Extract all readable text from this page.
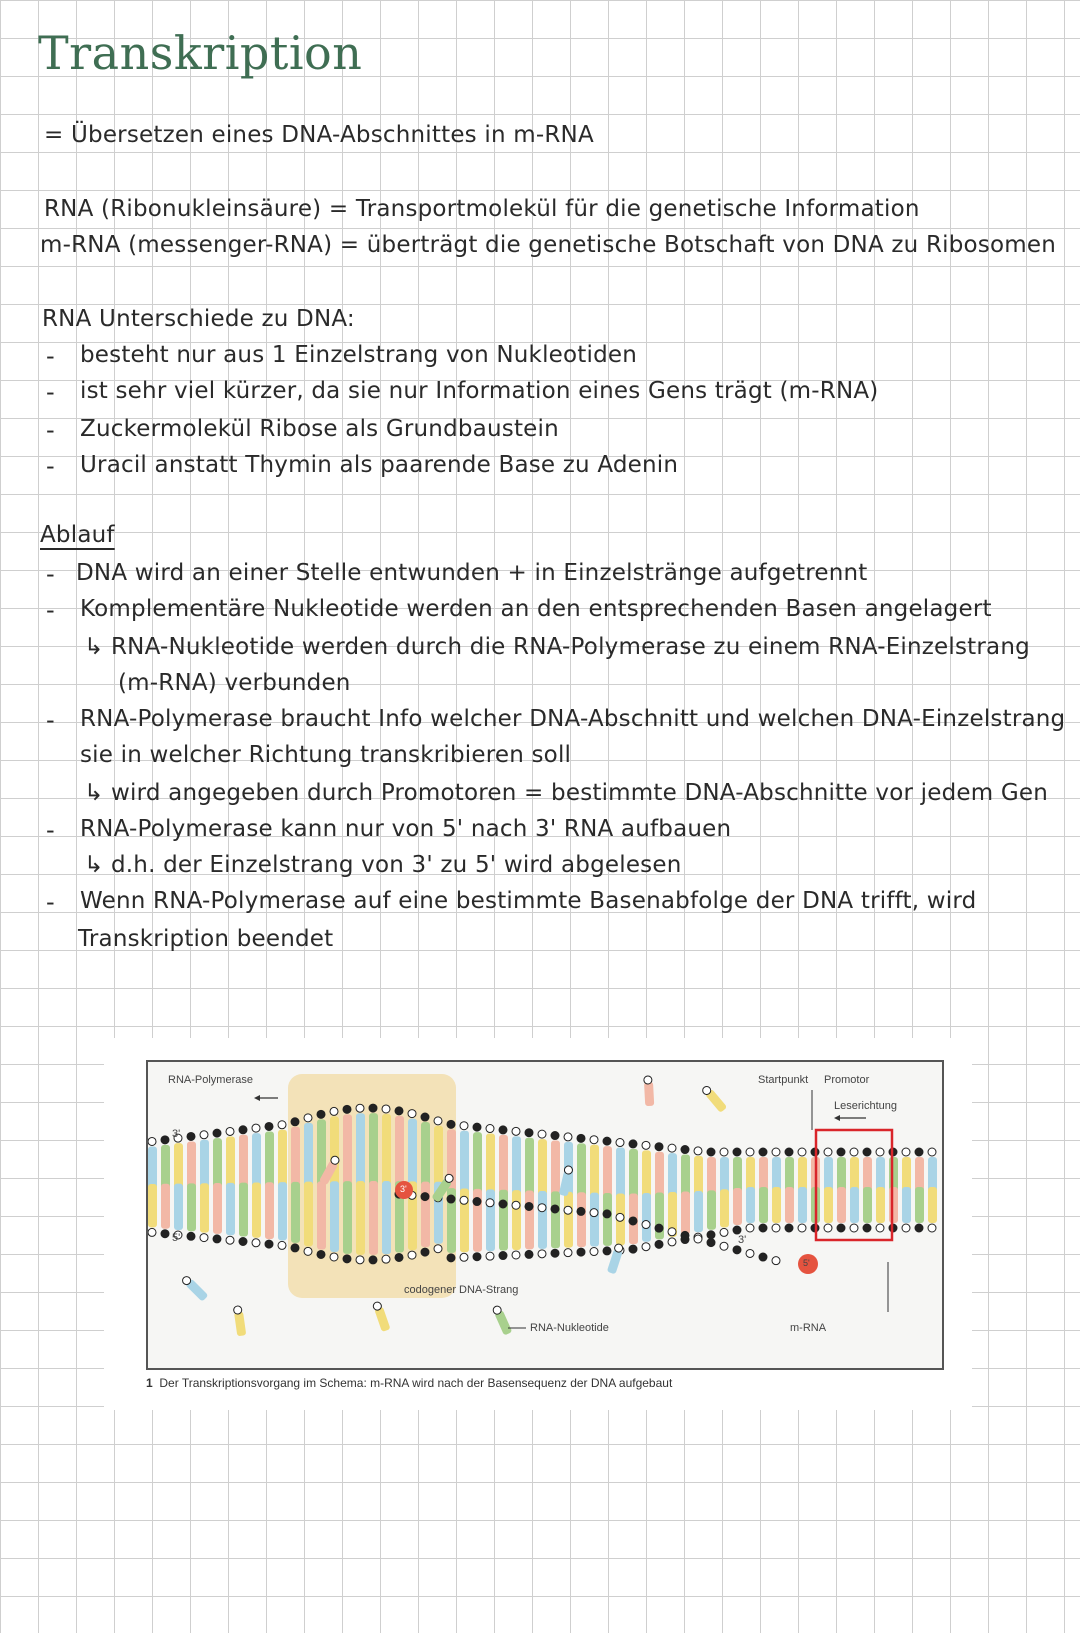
Transkription
= Übersetzen eines DNA-Abschnittes in m-RNA
RNA (Ribonukleinsäure) = Transportmolekül für die genetische Information
m-RNA (messenger-RNA) = überträgt die genetische Botschaft von DNA zu Ribosomen
RNA Unterschiede zu DNA:
- besteht nur aus 1 Einzelstrang von Nukleotiden
- ist sehr viel kürzer, da sie nur Information eines Gens trägt (m-RNA)
- Zuckermolekül Ribose als Grundbaustein
- Uracil anstatt Thymin als paarende Base zu Adenin
Ablauf
- DNA wird an einer Stelle entwunden + in Einzelstränge aufgetrennt
- Komplementäre Nukleotide werden an den entsprechenden Basen angelagert
↳ RNA-Nukleotide werden durch die RNA-Polymerase zu einem RNA-Einzelstrang
(m-RNA) verbunden
- RNA-Polymerase braucht Info welcher DNA-Abschnitt und welchen DNA-Einzelstrang
sie in welcher Richtung transkribieren soll
↳ wird angegeben durch Promotoren = bestimmte DNA-Abschnitte vor jedem Gen
- RNA-Polymerase kann nur von 5' nach 3' RNA aufbauen
↳ d.h. der Einzelstrang von 3' zu 5' wird abgelesen
- Wenn RNA-Polymerase auf eine bestimmte Basenabfolge der DNA trifft, wird
Transkription beendet
RNA-Polymerase	Startpunkt Promotor
Leserichtung
3'
5'
3'
3'
5'
codogener DNA-Strang
RNA-Nukleotide	m-RNA
1 Der Transkriptionsvorgang im Schema: m-RNA wird nach der Basensequenz der DNA aufgebaut
